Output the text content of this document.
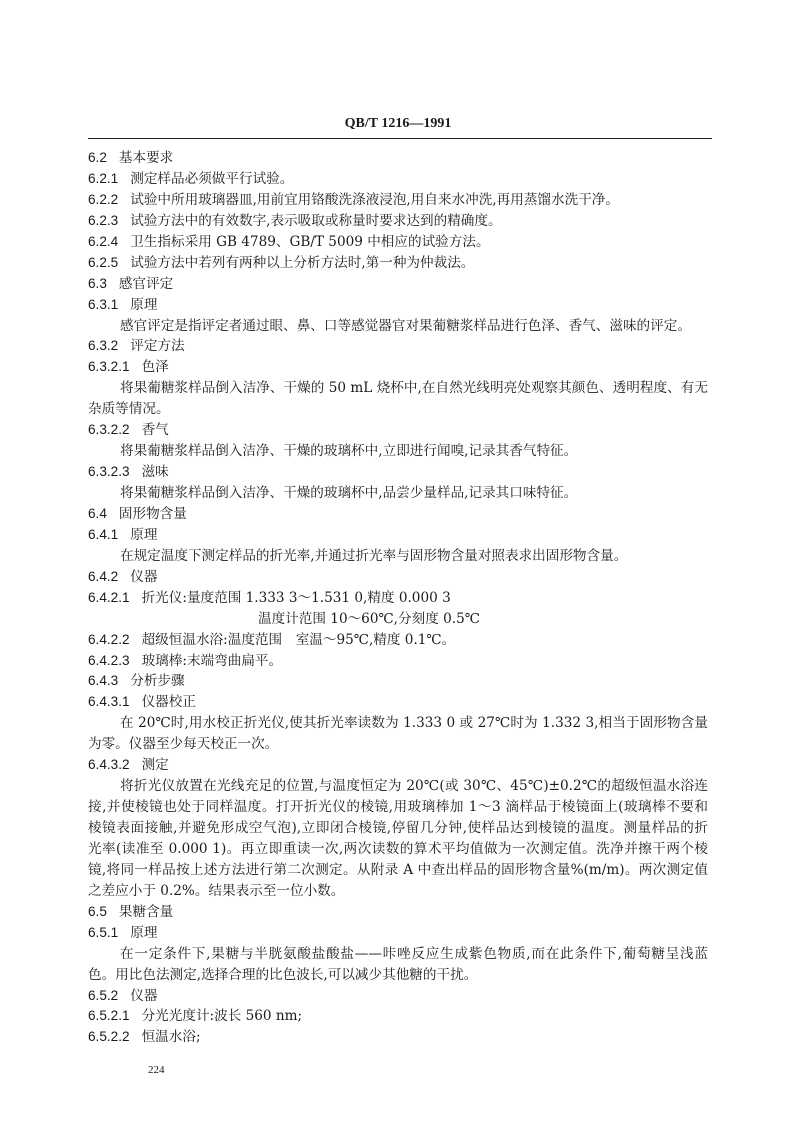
QB/T 1216—1991
6.2 基本要求
6.2.1 测定样品必须做平行试验。
6.2.2 试验中所用玻璃器皿,用前宜用铬酸洗涤液浸泡,用自来水冲洗,再用蒸馏水洗干净。
6.2.3 试验方法中的有效数字,表示吸取或称量时要求达到的精确度。
6.2.4 卫生指标采用 GB 4789、GB/T 5009 中相应的试验方法。
6.2.5 试验方法中若列有两种以上分析方法时,第一种为仲裁法。
6.3 感官评定
6.3.1 原理
感官评定是指评定者通过眼、鼻、口等感觉器官对果葡糖浆样品进行色泽、香气、滋味的评定。
6.3.2 评定方法
6.3.2.1 色泽
将果葡糖浆样品倒入洁净、干燥的 50 mL 烧杯中,在自然光线明亮处观察其颜色、透明程度、有无
杂质等情况。
6.3.2.2 香气
将果葡糖浆样品倒入洁净、干燥的玻璃杯中,立即进行闻嗅,记录其香气特征。
6.3.2.3 滋味
将果葡糖浆样品倒入洁净、干燥的玻璃杯中,品尝少量样品,记录其口味特征。
6.4 固形物含量
6.4.1 原理
在规定温度下测定样品的折光率,并通过折光率与固形物含量对照表求出固形物含量。
6.4.2 仪器
6.4.2.1 折光仪:量度范围 1.333 3～1.531 0,精度 0.000 3
温度计范围 10～60℃,分刻度 0.5℃
6.4.2.2 超级恒温水浴:温度范围　室温～95℃,精度 0.1℃。
6.4.2.3 玻璃棒:末端弯曲扁平。
6.4.3 分析步骤
6.4.3.1 仪器校正
在 20℃时,用水校正折光仪,使其折光率读数为 1.333 0 或 27℃时为 1.332 3,相当于固形物含量
为零。仪器至少每天校正一次。
6.4.3.2 测定
将折光仪放置在光线充足的位置,与温度恒定为 20℃(或 30℃、45℃)±0.2℃的超级恒温水浴连
接,并使棱镜也处于同样温度。打开折光仪的棱镜,用玻璃棒加 1～3 滴样品于棱镜面上(玻璃棒不要和
棱镜表面接触,并避免形成空气泡),立即闭合棱镜,停留几分钟,使样品达到棱镜的温度。测量样品的折
光率(读准至 0.000 1)。再立即重读一次,两次读数的算术平均值做为一次测定值。洗净并擦干两个棱
镜,将同一样品按上述方法进行第二次测定。从附录 A 中查出样品的固形物含量%(m/m)。两次测定值
之差应小于 0.2%。结果表示至一位小数。
6.5 果糖含量
6.5.1 原理
在一定条件下,果糖与半胱氨酸盐酸盐——咔唑反应生成紫色物质,而在此条件下,葡萄糖呈浅蓝
色。用比色法测定,选择合理的比色波长,可以减少其他糖的干扰。
6.5.2 仪器
6.5.2.1 分光光度计:波长 560 nm;
6.5.2.2 恒温水浴;
224
